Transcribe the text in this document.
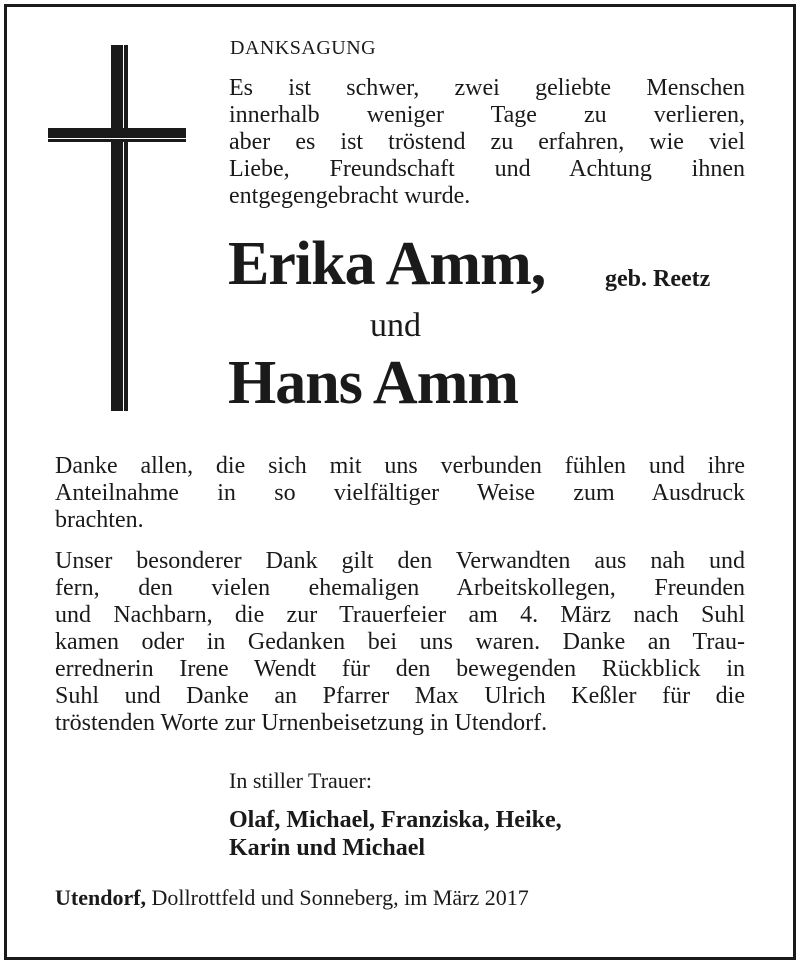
DANKSAGUNG
Es ist schwer, zwei geliebte Menschen
innerhalb weniger Tage zu verlieren,
aber es ist tröstend zu erfahren, wie viel
Liebe, Freundschaft und Achtung ihnen
entgegengebracht wurde.
Erika Amm, geb. Reetz
und
Hans Amm
Danke allen, die sich mit uns verbunden fühlen und ihre
Anteilnahme in so vielfältiger Weise zum Ausdruck
brachten.
Unser besonderer Dank gilt den Verwandten aus nah und
fern, den vielen ehemaligen Arbeitskollegen, Freunden
und Nachbarn, die zur Trauerfeier am 4. März nach Suhl
kamen oder in Gedanken bei uns waren. Danke an Trau-
errednerin Irene Wendt für den bewegenden Rückblick in
Suhl und Danke an Pfarrer Max Ulrich Keßler für die
tröstenden Worte zur Urnenbeisetzung in Utendorf.
In stiller Trauer:
Olaf, Michael, Franziska, Heike,
Karin und Michael
Utendorf, Dollrottfeld und Sonneberg, im März 2017
